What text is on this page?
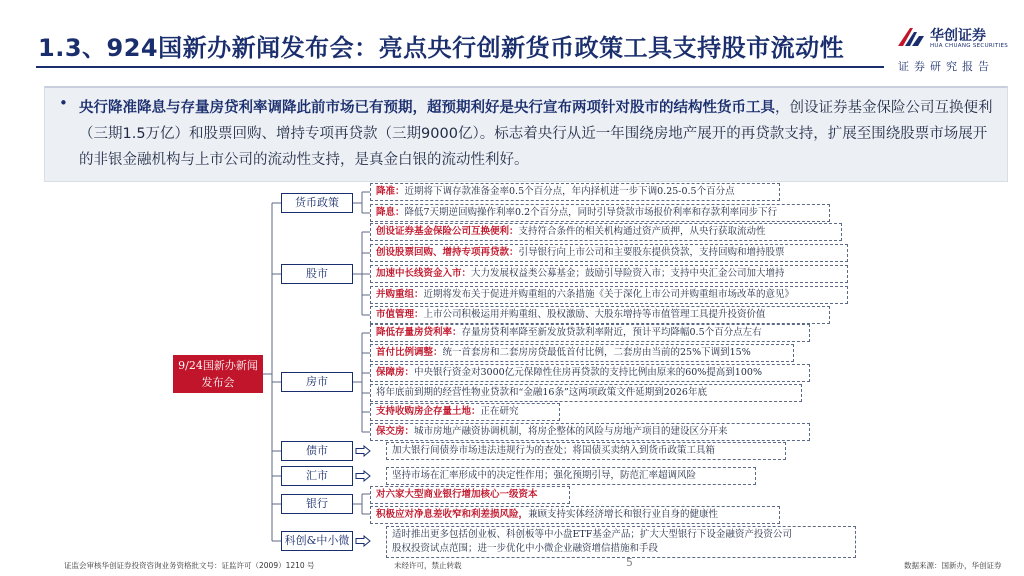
1.3、924国新办新闻发布会：亮点央行创新货币政策工具支持股市流动性	华创证券
HUA CHUANG SECURITIES
证券研究报告
• 央行降准降息与存量房贷利率调降此前市场已有预期，超预期利好是央行宣布两项针对股市的结构性货币工具，创设证券基金保险公司互换便利（三期1.5万亿）和股票回购、增持专项再贷款（三期9000亿）。标志着央行从近一年围绕房地产展开的再贷款支持，扩展至围绕股票市场展开的非银金融机构与上市公司的流动性支持，是真金白银的流动性利好。
9/24国新办新闻发布会
货币政策
股市
房市
债市
汇市
银行
科创&中小微
降准：近期将下调存款准备金率0.5个百分点，年内择机进一步下调0.25-0.5个百分点
降息：降低7天期逆回购操作利率0.2个百分点，同时引导贷款市场报价利率和存款利率同步下行
创设证券基金保险公司互换便利：支持符合条件的相关机构通过资产质押，从央行获取流动性
创设股票回购、增持专项再贷款：引导银行向上市公司和主要股东提供贷款，支持回购和增持股票
加速中长线资金入市：大力发展权益类公募基金；鼓励引导险资入市；支持中央汇金公司加大增持
并购重组：近期将发布关于促进并购重组的六条措施《关于深化上市公司并购重组市场改革的意见》
市值管理：上市公司积极运用并购重组、股权激励、大股东增持等市值管理工具提升投资价值
降低存量房贷利率：存量房贷利率降至新发放贷款利率附近，预计平均降幅0.5个百分点左右
首付比例调整：统一首套房和二套房房贷最低首付比例，二套房由当前的25%下调到15%
保障房：中央银行资金对3000亿元保障性住房再贷款的支持比例由原来的60%提高到100%
将年底前到期的经营性物业贷款和“金融16条”这两项政策文件延期到2026年底
支持收购房企存量土地：正在研究
保交房：城市房地产融资协调机制，将房企整体的风险与房地产项目的建设区分开来
加大银行间债券市场违法违规行为的查处；将国债买卖纳入到货币政策工具箱
坚持市场在汇率形成中的决定性作用；强化预期引导，防范汇率超调风险
对六家大型商业银行增加核心一级资本
积极应对净息差收窄和利差损风险，兼顾支持实体经济增长和银行业自身的健康性
适时推出更多包括创业板、科创板等中小盘ETF基金产品；扩大大型银行下设金融资产投资公司
股权投资试点范围；进一步优化中小微企业融资增信措施和手段
证监会审核华创证券投资咨询业务资格批文号：证监许可（2009）1210 号	未经许可，禁止转载	5	数据来源：国新办，华创证券
